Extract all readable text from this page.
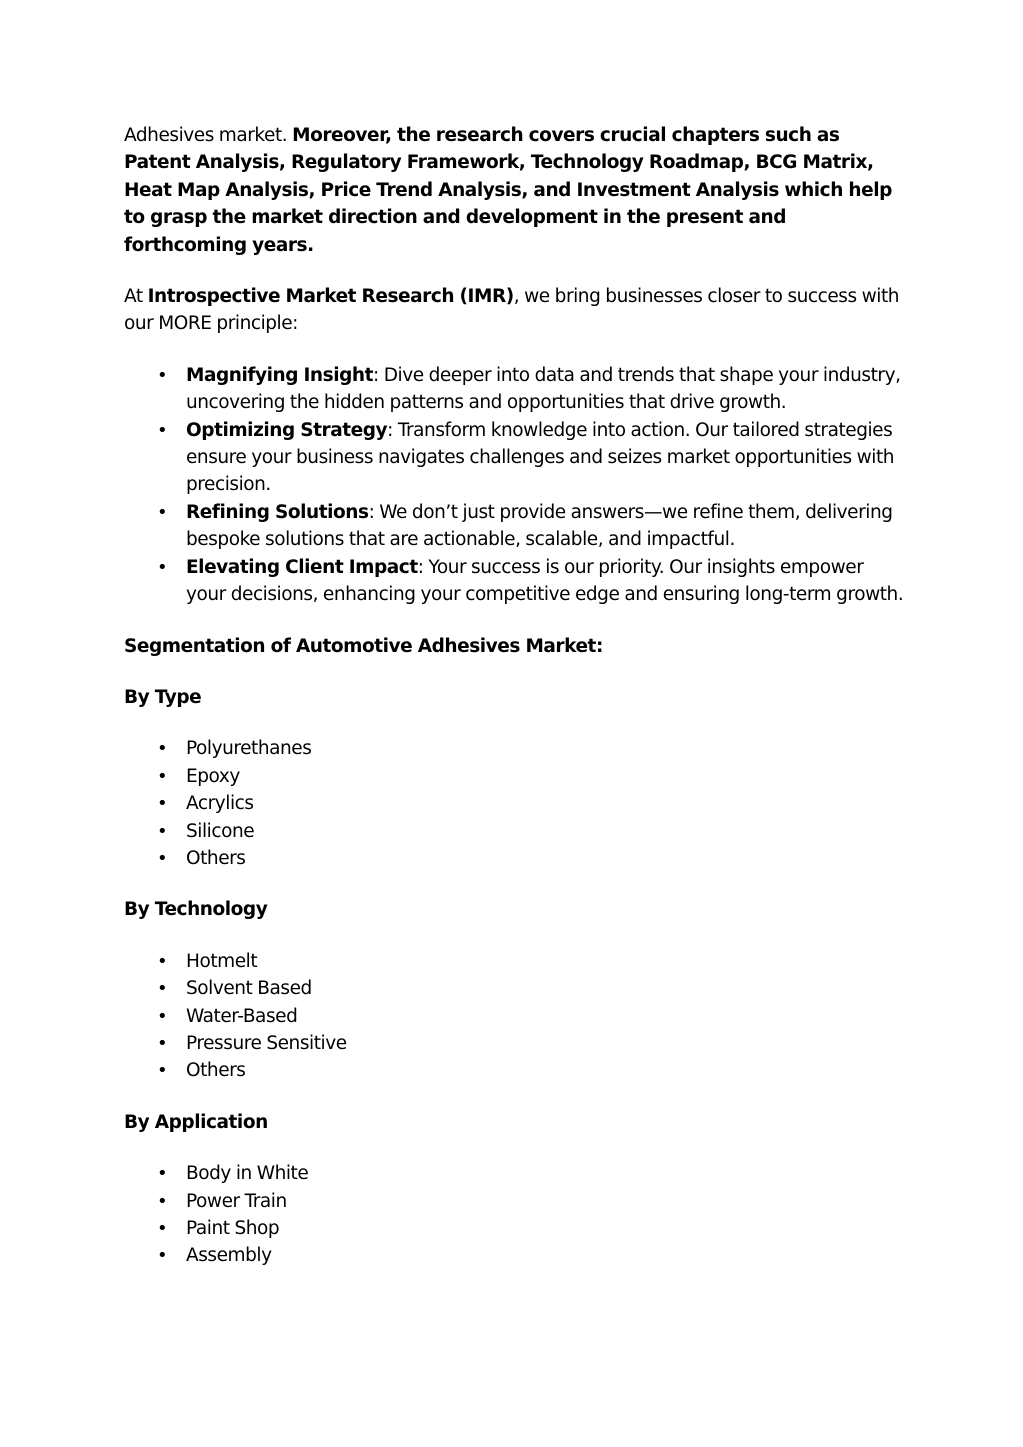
Adhesives market. Moreover, the research covers crucial chapters such as Patent Analysis, Regulatory Framework, Technology Roadmap, BCG Matrix, Heat Map Analysis, Price Trend Analysis, and Investment Analysis which help to grasp the market direction and development in the present and forthcoming years.

At Introspective Market Research (IMR), we bring businesses closer to success with our MORE principle:

• Magnifying Insight: Dive deeper into data and trends that shape your industry, uncovering the hidden patterns and opportunities that drive growth.
• Optimizing Strategy: Transform knowledge into action. Our tailored strategies ensure your business navigates challenges and seizes market opportunities with precision.
• Refining Solutions: We don’t just provide answers—we refine them, delivering bespoke solutions that are actionable, scalable, and impactful.
• Elevating Client Impact: Your success is our priority. Our insights empower your decisions, enhancing your competitive edge and ensuring long-term growth.

Segmentation of Automotive Adhesives Market:

By Type

• Polyurethanes
• Epoxy
• Acrylics
• Silicone
• Others

By Technology

• Hotmelt
• Solvent Based
• Water-Based
• Pressure Sensitive
• Others

By Application

• Body in White
• Power Train
• Paint Shop
• Assembly
